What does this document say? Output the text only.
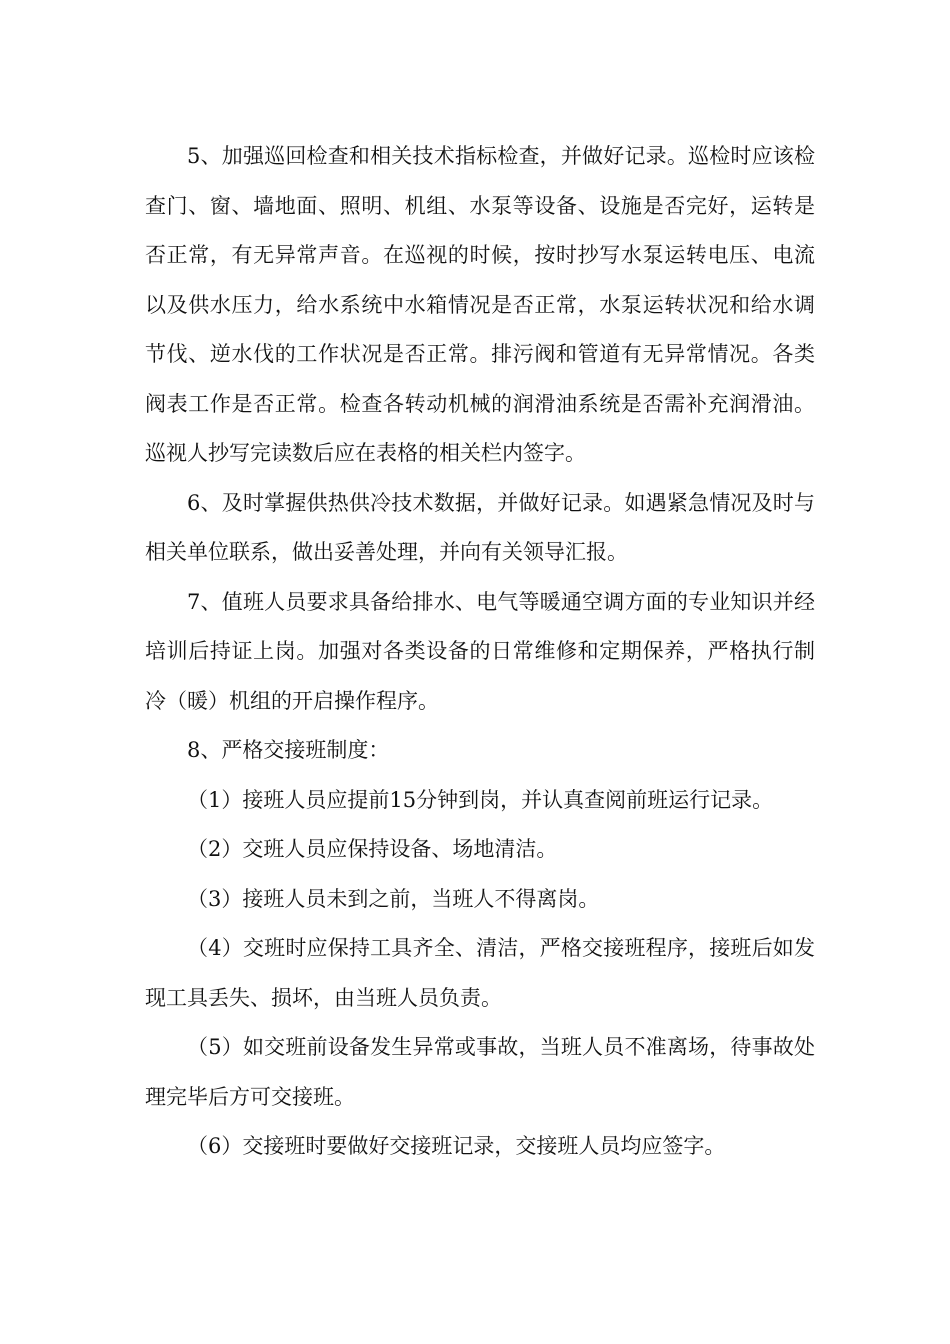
5、加强巡回检查和相关技术指标检查，并做好记录。巡检时应该检查门、窗、墙地面、照明、机组、水泵等设备、设施是否完好，运转是否正常，有无异常声音。在巡视的时候，按时抄写水泵运转电压、电流以及供水压力，给水系统中水箱情况是否正常，水泵运转状况和给水调节伐、逆水伐的工作状况是否正常。排污阀和管道有无异常情况。各类阀表工作是否正常。检查各转动机械的润滑油系统是否需补充润滑油。巡视人抄写完读数后应在表格的相关栏内签字。

6、及时掌握供热供冷技术数据，并做好记录。如遇紧急情况及时与相关单位联系，做出妥善处理，并向有关领导汇报。

7、值班人员要求具备给排水、电气等暖通空调方面的专业知识并经培训后持证上岗。加强对各类设备的日常维修和定期保养，严格执行制冷（暖）机组的开启操作程序。

8、严格交接班制度：

（1）接班人员应提前15分钟到岗，并认真查阅前班运行记录。

（2）交班人员应保持设备、场地清洁。

（3）接班人员未到之前，当班人不得离岗。

（4）交班时应保持工具齐全、清洁，严格交接班程序，接班后如发现工具丢失、损坏，由当班人员负责。

（5）如交班前设备发生异常或事故，当班人员不准离场，待事故处理完毕后方可交接班。

（6）交接班时要做好交接班记录，交接班人员均应签字。
